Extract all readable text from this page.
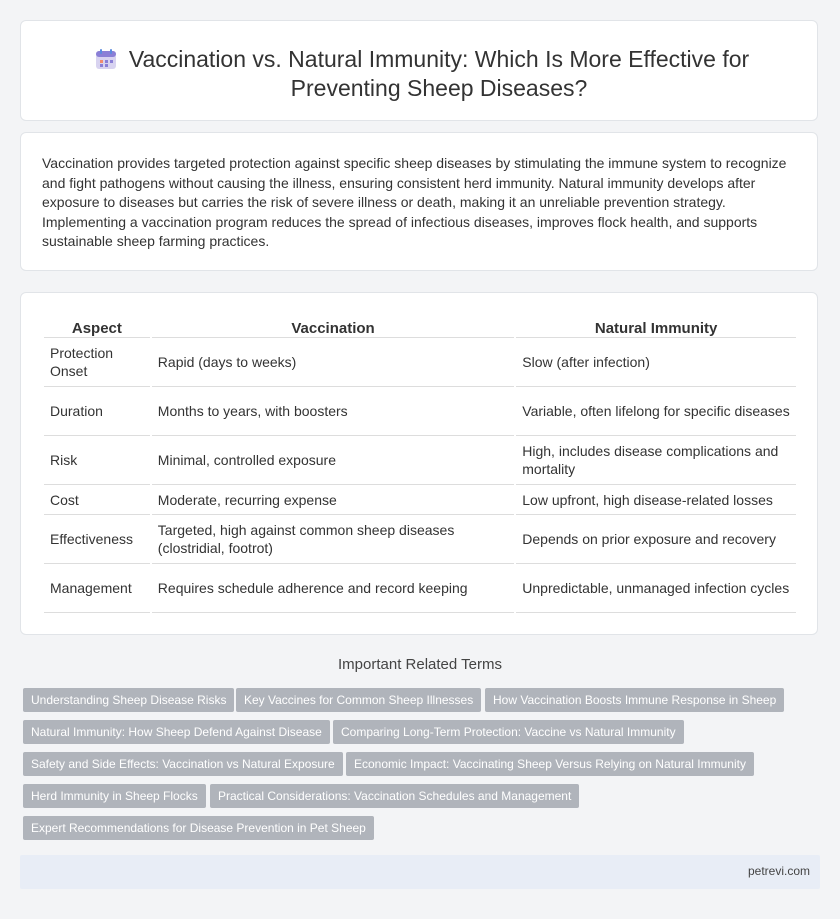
Vaccination vs. Natural Immunity: Which Is More Effective for Preventing Sheep Diseases?
Vaccination provides targeted protection against specific sheep diseases by stimulating the immune system to recognize and fight pathogens without causing the illness, ensuring consistent herd immunity. Natural immunity develops after exposure to diseases but carries the risk of severe illness or death, making it an unreliable prevention strategy. Implementing a vaccination program reduces the spread of infectious diseases, improves flock health, and supports sustainable sheep farming practices.
Aspect	Vaccination	Natural Immunity
Protection Onset	Rapid (days to weeks)	Slow (after infection)
Duration	Months to years, with boosters	Variable, often lifelong for specific diseases
Risk	Minimal, controlled exposure	High, includes disease complications and mortality
Cost	Moderate, recurring expense	Low upfront, high disease-related losses
Effectiveness	Targeted, high against common sheep diseases (clostridial, footrot)	Depends on prior exposure and recovery
Management	Requires schedule adherence and record keeping	Unpredictable, unmanaged infection cycles
Important Related Terms
Understanding Sheep Disease Risks	Key Vaccines for Common Sheep Illnesses	How Vaccination Boosts Immune Response in Sheep
Natural Immunity: How Sheep Defend Against Disease	Comparing Long-Term Protection: Vaccine vs Natural Immunity
Safety and Side Effects: Vaccination vs Natural Exposure	Economic Impact: Vaccinating Sheep Versus Relying on Natural Immunity
Herd Immunity in Sheep Flocks	Practical Considerations: Vaccination Schedules and Management
Expert Recommendations for Disease Prevention in Pet Sheep
petrevi.com
